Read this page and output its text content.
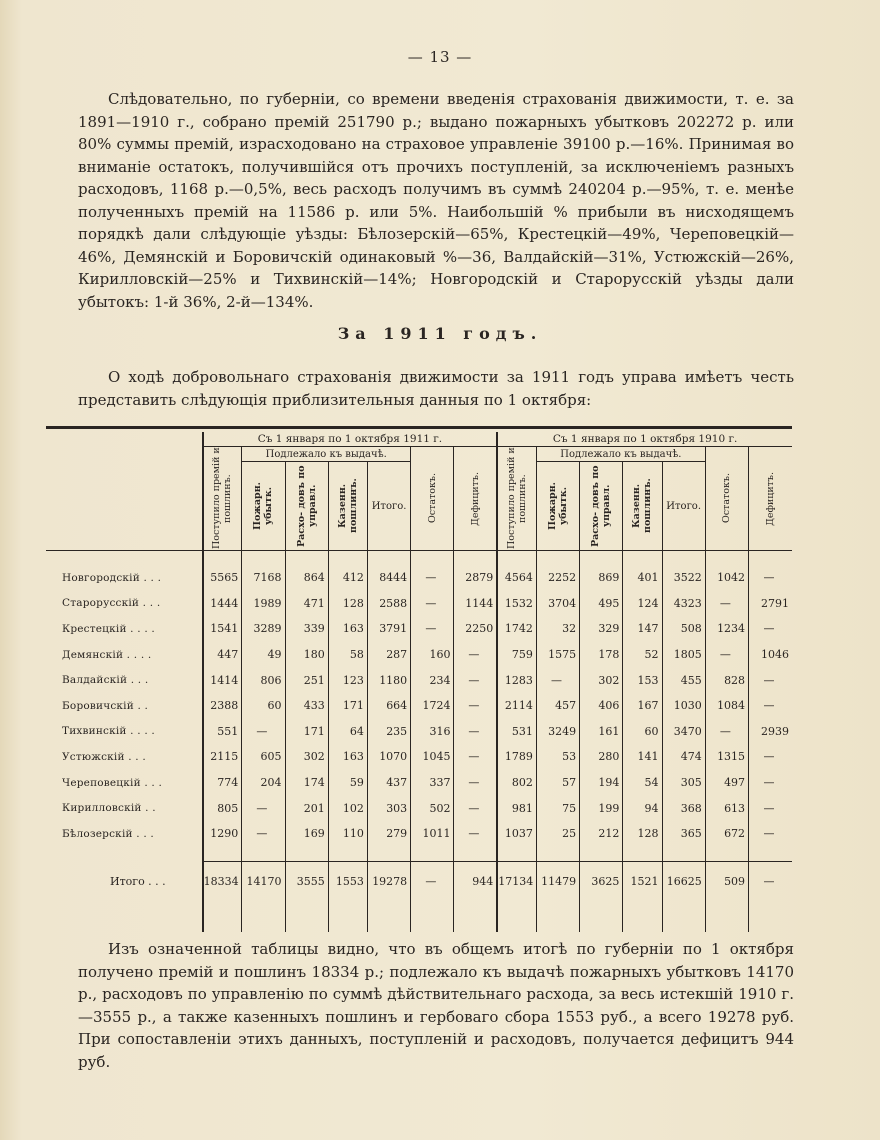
— 13 —
Слѣдовательно, по губерніи, со времени введенія страхованія движимости, т. е. за 1891—1910 г., собрано премій 251790 р.; выдано пожарныхъ убытковъ 202272 р. или 80% суммы премій, израсходовано на страховое управленіе 39100 р.—16%. Принимая во вниманіе остатокъ, получившійся отъ прочихъ поступленій, за исключеніемъ разныхъ расходовъ, 1168 р.—0,5%, весь расходъ получимъ въ суммѣ 240204 р.—95%, т. е. менѣе полученныхъ премій на 11586 р. или 5%. Наибольшій % прибыли въ нисходящемъ порядкѣ дали слѣдующіе уѣзды: Бѣлозерскій—65%, Крестецкій—49%, Череповецкій—46%, Демянскій и Боровичскій одинаковый %—36, Валдайскій—31%, Устюжскій—26%, Кирилловскій—25% и Тихвинскій—14%; Новгородскій и Старорусскій уѣзды дали убытокъ: 1-й 36%, 2-й—134%.
За 1911 годъ.
О ходѣ добровольнаго страхованія движимости за 1911 годъ управа имѣетъ честь представить слѣдующія приблизительныя данныя по 1 октября:

	Съ 1 января по 1 октября 1911 г.							Съ 1 января по 1 октября 1910 г.						

	Поступило премій и пошлинъ.	Подлежало къ выдачѣ.				Остатокъ.	Дефицитъ.	Поступило премій и пошлинъ.	Подлежало къ выдачѣ.				Остатокъ.	Дефицитъ.

		Пожарн. убытк.	Расхо- довъ по управл.	Казенн. пошлинъ.	Итого.				Пожарн. убытк.	Расхо- довъ по управл.	Казенн. пошлинъ.	Итого.		

Новгородскій . . .	5565	7168	864	412	8444	—	2879	4564	2252	869	401	3522	1042	—
Старорусскій . . .	1444	1989	471	128	2588	—	1144	1532	3704	495	124	4323	—	2791
Крестецкій . . . .	1541	3289	339	163	3791	—	2250	1742	32	329	147	508	1234	—
Демянскій . . . .	447	49	180	58	287	160	—	759	1575	178	52	1805	—	1046
Валдайскій . . .	1414	806	251	123	1180	234	—	1283	—	302	153	455	828	—
Боровичскій . .	2388	60	433	171	664	1724	—	2114	457	406	167	1030	1084	—
Тихвинскій . . . .	551	—	171	64	235	316	—	531	3249	161	60	3470	—	2939
Устюжскій . . .	2115	605	302	163	1070	1045	—	1789	53	280	141	474	1315	—
Череповецкій . . .	774	204	174	59	437	337	—	802	57	194	54	305	497	—
Кирилловскій . .	805	—	201	102	303	502	—	981	75	199	94	368	613	—
Бѣлозерскій . . .	1290	—	169	110	279	1011	—	1037	25	212	128	365	672	—

Итого . . .	18334	14170	3555	1553	19278	—	944	17134	11479	3625	1521	16625	509	—

Изъ означенной таблицы видно, что въ общемъ итогѣ по губерніи по 1 октября получено премій и пошлинъ 18334 р.; подлежало къ выдачѣ пожарныхъ убытковъ 14170 р., расходовъ по управленію по суммѣ дѣйствительнаго расхода, за весь истекшій 1910 г.—3555 р., а также казенныхъ пошлинъ и гербоваго сбора 1553 руб., а всего 19278 руб. При сопоставленіи этихъ данныхъ, поступленій и расходовъ, получается дефицитъ 944 руб.
